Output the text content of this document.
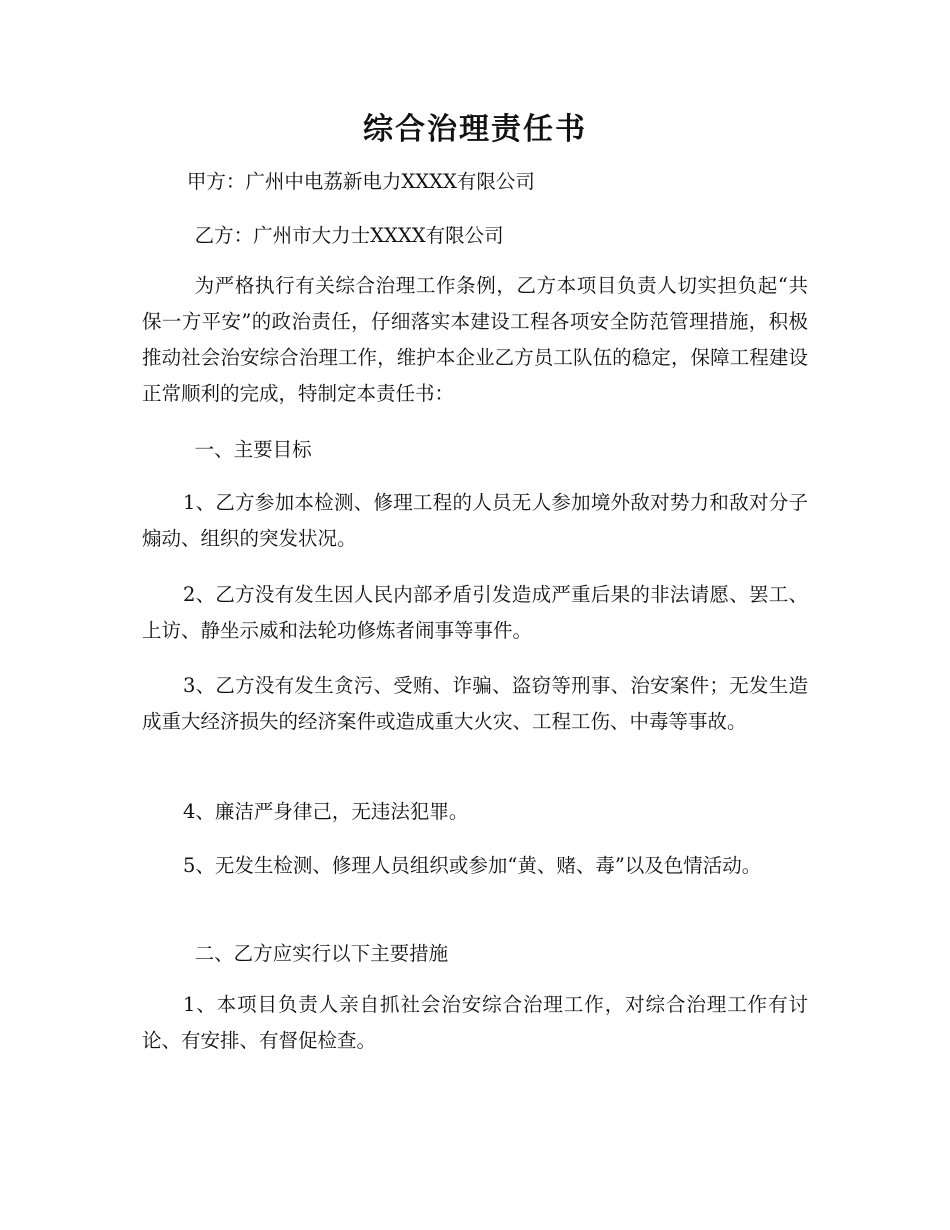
综合治理责任书

甲方：广州中电荔新电力XXXX有限公司

乙方：广州市大力士XXXX有限公司

为严格执行有关综合治理工作条例，乙方本项目负责人切实担负起“共保一方平安”的政治责任，仔细落实本建设工程各项安全防范管理措施，积极推动社会治安综合治理工作，维护本企业乙方员工队伍的稳定，保障工程建设正常顺利的完成，特制定本责任书：

一、主要目标

1、乙方参加本检测、修理工程的人员无人参加境外敌对势力和敌对分子煽动、组织的突发状况。

2、乙方没有发生因人民内部矛盾引发造成严重后果的非法请愿、罢工、上访、静坐示威和法轮功修炼者闹事等事件。

3、乙方没有发生贪污、受贿、诈骗、盗窃等刑事、治安案件；无发生造成重大经济损失的经济案件或造成重大火灾、工程工伤、中毒等事故。

4、廉洁严身律己，无违法犯罪。

5、无发生检测、修理人员组织或参加“黄、赌、毒”以及色情活动。

二、乙方应实行以下主要措施

1、本项目负责人亲自抓社会治安综合治理工作，对综合治理工作有讨论、有安排、有督促检查。
